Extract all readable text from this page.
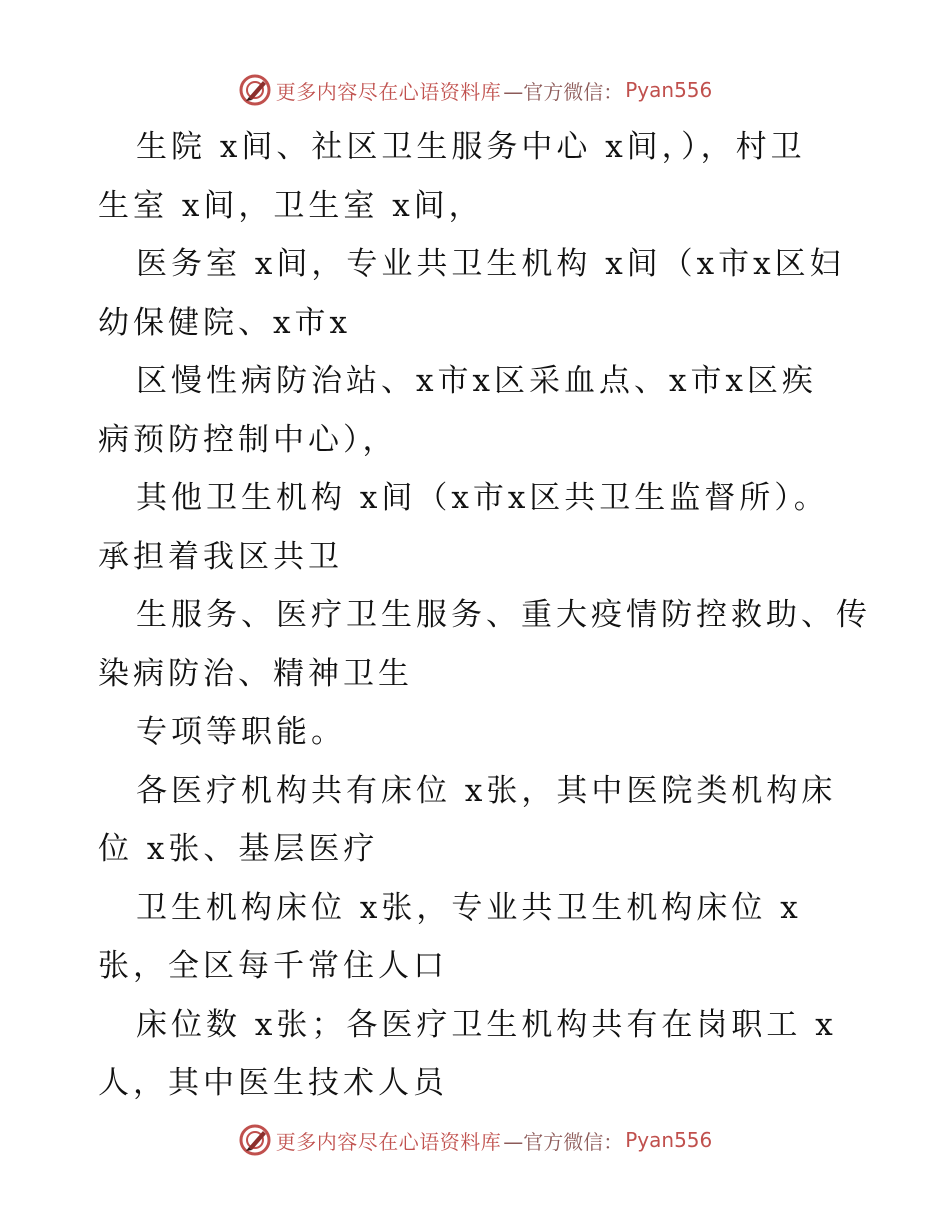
更多内容尽在心语资料库 —官方微信： Pyan556
生院 x间、社区卫生服务中心 x间，），村卫
生室 x间，卫生室 x间，
医务室 x间，专业共卫生机构 x间（x市x区妇
幼保健院、x市x
区慢性病防治站、x市x区采血点、x市x区疾
病预防控制中心），
其他卫生机构 x间（x市x区共卫生监督所）。
承担着我区共卫
生服务、医疗卫生服务、重大疫情防控救助、传
染病防治、精神卫生
专项等职能。
各医疗机构共有床位 x张，其中医院类机构床
位 x张、基层医疗
卫生机构床位 x张，专业共卫生机构床位 x
张，全区每千常住人口
床位数 x张；各医疗卫生机构共有在岗职工 x
人，其中医生技术人员
更多内容尽在心语资料库 —官方微信： Pyan556
